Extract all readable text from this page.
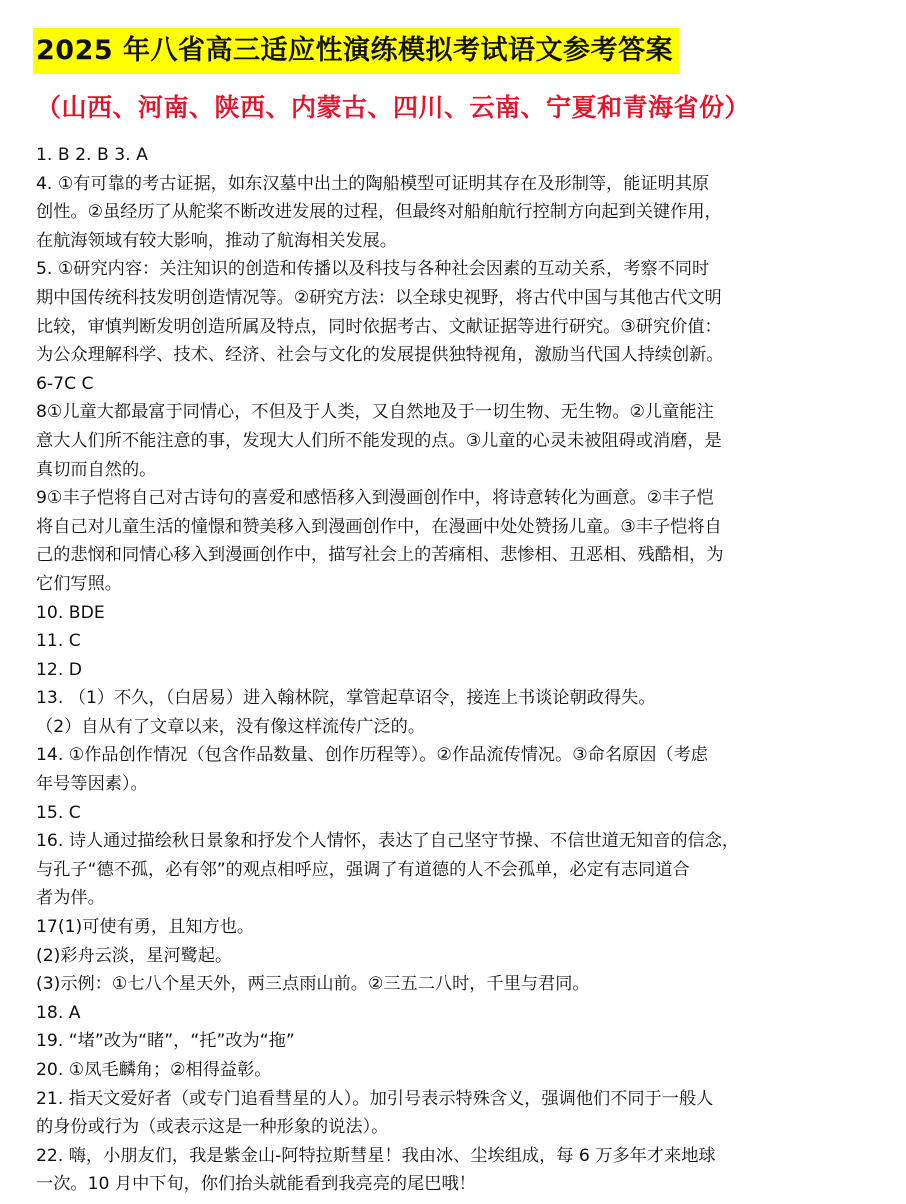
2025 年八省高三适应性演练模拟考试语文参考答案
（山西、河南、陕西、内蒙古、四川、云南、宁夏和青海省份）
1. B 2. B 3. A
4. ①有可靠的考古证据，如东汉墓中出土的陶船模型可证明其存在及形制等，能证明其原
创性。②虽经历了从舵桨不断改进发展的过程，但最终对船舶航行控制方向起到关键作用，
在航海领域有较大影响，推动了航海相关发展。
5. ①研究内容：关注知识的创造和传播以及科技与各种社会因素的互动关系，考察不同时
期中国传统科技发明创造情况等。②研究方法：以全球史视野，将古代中国与其他古代文明
比较，审慎判断发明创造所属及特点，同时依据考古、文献证据等进行研究。③研究价值：
为公众理解科学、技术、经济、社会与文化的发展提供独特视角，激励当代国人持续创新。
6-7C C
8①儿童大都最富于同情心，不但及于人类，又自然地及于一切生物、无生物。②儿童能注
意大人们所不能注意的事，发现大人们所不能发现的点。③儿童的心灵未被阻碍或消磨，是
真切而自然的。
9①丰子恺将自己对古诗句的喜爱和感悟移入到漫画创作中，将诗意转化为画意。②丰子恺
将自己对儿童生活的憧憬和赞美移入到漫画创作中，在漫画中处处赞扬儿童。③丰子恺将自
己的悲悯和同情心移入到漫画创作中，描写社会上的苦痛相、悲惨相、丑恶相、残酷相，为
它们写照。
10. BDE
11. C
12. D
13. （1）不久，（白居易）进入翰林院，掌管起草诏令，接连上书谈论朝政得失。
（2）自从有了文章以来，没有像这样流传广泛的。
14. ①作品创作情况（包含作品数量、创作历程等）。②作品流传情况。③命名原因（考虑
年号等因素）。
15. C
16. 诗人通过描绘秋日景象和抒发个人情怀，表达了自己坚守节操、不信世道无知音的信念，
与孔子“德不孤，必有邻”的观点相呼应，强调了有道德的人不会孤单，必定有志同道合
者为伴。
17(1)可使有勇，且知方也。
(2)彩舟云淡，星河鹭起。
(3)示例：①七八个星天外，两三点雨山前。②三五二八时，千里与君同。
18. A
19. “堵”改为“睹”，“托”改为“拖”
20. ①凤毛麟角；②相得益彰。
21. 指天文爱好者（或专门追看彗星的人）。加引号表示特殊含义，强调他们不同于一般人
的身份或行为（或表示这是一种形象的说法）。
22. 嗨，小朋友们，我是紫金山-阿特拉斯彗星！我由冰、尘埃组成，每 6 万多年才来地球
一次。10 月中下旬，你们抬头就能看到我亮亮的尾巴哦！
